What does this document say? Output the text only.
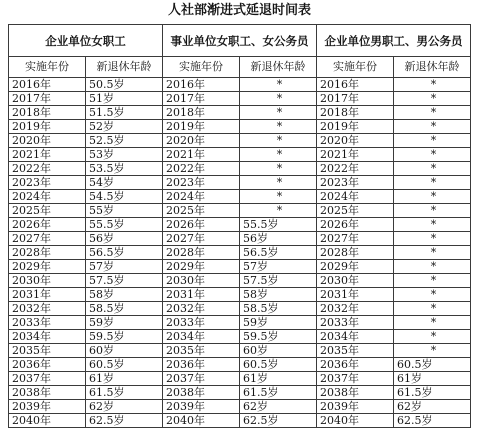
人社部渐进式延退时间表
企业单位女职工		事业单位女职工、女公务员		企业单位男职工、男公务员	
实施年份	新退休年龄	实施年份	新退休年龄	实施年份	新退休年龄
2016年	50.5岁	2016年	*	2016年	*
2017年	51岁	2017年	*	2017年	*
2018年	51.5岁	2018年	*	2018年	*
2019年	52岁	2019年	*	2019年	*
2020年	52.5岁	2020年	*	2020年	*
2021年	53岁	2021年	*	2021年	*
2022年	53.5岁	2022年	*	2022年	*
2023年	54岁	2023年	*	2023年	*
2024年	54.5岁	2024年	*	2024年	*
2025年	55岁	2025年	*	2025年	*
2026年	55.5岁	2026年	55.5岁	2026年	*
2027年	56岁	2027年	56岁	2027年	*
2028年	56.5岁	2028年	56.5岁	2028年	*
2029年	57岁	2029年	57岁	2029年	*
2030年	57.5岁	2030年	57.5岁	2030年	*
2031年	58岁	2031年	58岁	2031年	*
2032年	58.5岁	2032年	58.5岁	2032年	*
2033年	59岁	2033年	59岁	2033年	*
2034年	59.5岁	2034年	59.5岁	2034年	*
2035年	60岁	2035年	60岁	2035年	*
2036年	60.5岁	2036年	60.5岁	2036年	60.5岁
2037年	61岁	2037年	61岁	2037年	61岁
2038年	61.5岁	2038年	61.5岁	2038年	61.5岁
2039年	62岁	2039年	62岁	2039年	62岁
2040年	62.5岁	2040年	62.5岁	2040年	62.5岁
